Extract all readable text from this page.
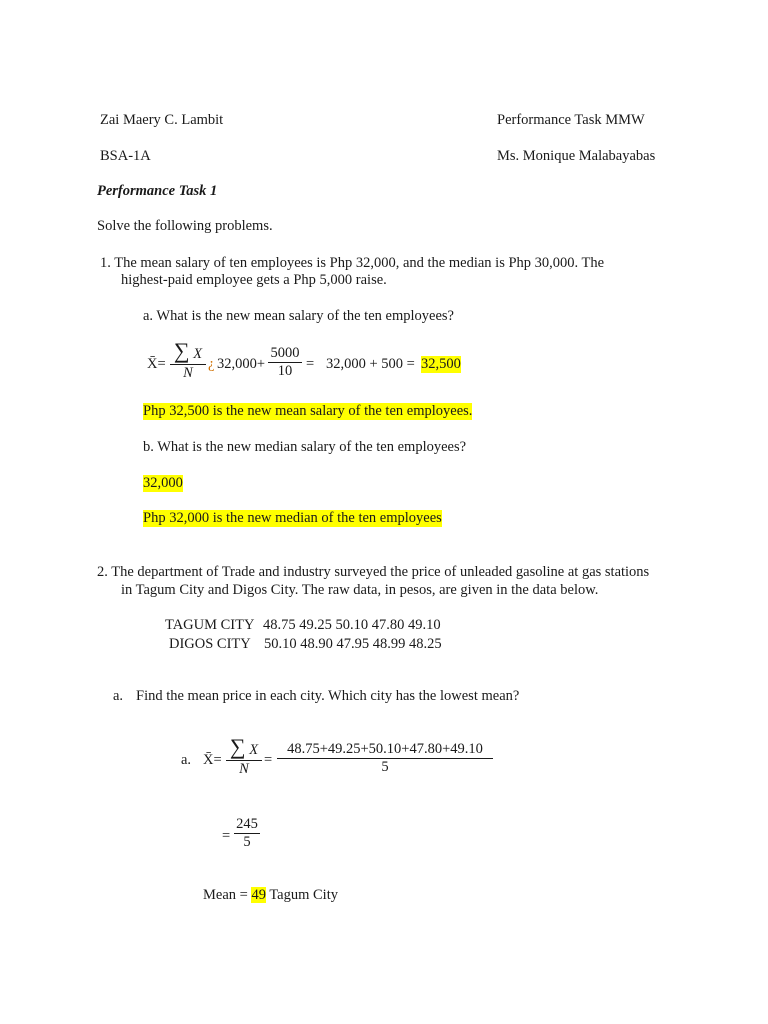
Zai Maery C. Lambit
BSA-1A
Performance Task MMW
Ms. Monique Malabayabas
Performance Task 1
Solve the following problems.
1. The mean salary of ten employees is Php 32,000, and the median is Php 30,000. The
highest-paid employee gets a Php 5,000 raise.
a. What is the new mean salary of the ten employees?
X̄=
∑ X
N
¿ 32,000+
5000
10 = 32,000 + 500 = 32,500
Php 32,500 is the new mean salary of the ten employees.
b. What is the new median salary of the ten employees?
32,000
Php 32,000 is the new median of the ten employees
2. The department of Trade and industry surveyed the price of unleaded gasoline at gas stations
in Tagum City and Digos City. The raw data, in pesos, are given in the data below.
TAGUM CITY 48.75 49.25 50.10 47.80 49.10
DIGOS CITY 50.10 48.90 47.95 48.99 48.25
a. Find the mean price in each city. Which city has the lowest mean?
a. X̄=
∑ X
N
=
48.75+49.25+50.10+47.80+49.10
5
=
245
5
Mean = 49 Tagum City
